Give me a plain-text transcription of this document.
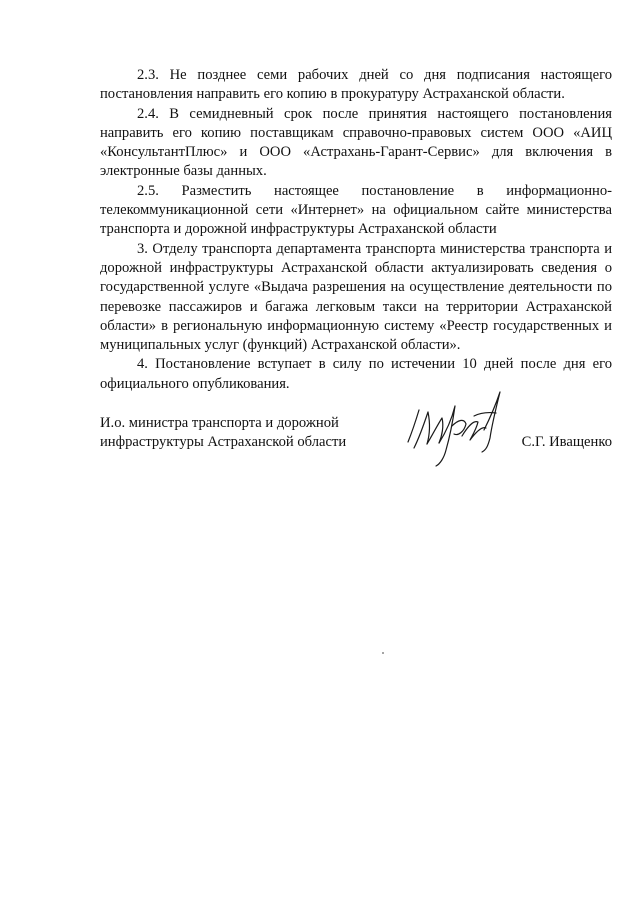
2.3. Не позднее семи рабочих дней со дня подписания настоящего постановления направить его копию в прокуратуру Астраханской области.

2.4. В семидневный срок после принятия настоящего постановления направить его копию поставщикам справочно-правовых систем ООО «АИЦ «КонсультантПлюс» и ООО «Астрахань-Гарант-Сервис» для включения в электронные базы данных.

2.5. Разместить настоящее постановление в информационно-телекоммуникационной сети «Интернет» на официальном сайте министерства транспорта и дорожной инфраструктуры Астраханской области

3. Отделу транспорта департамента транспорта министерства транспорта и дорожной инфраструктуры Астраханской области актуализировать сведения о государственной услуге «Выдача разрешения на осуществление деятельности по перевозке пассажиров и багажа легковым такси на территории Астраханской области» в региональную информационную систему «Реестр государственных и муниципальных услуг (функций) Астраханской области».

4. Постановление вступает в силу по истечении 10 дней после дня его официального опубликования.

И.о. министра транспорта и дорожной
инфраструктуры Астраханской области	С.Г. Иващенко
